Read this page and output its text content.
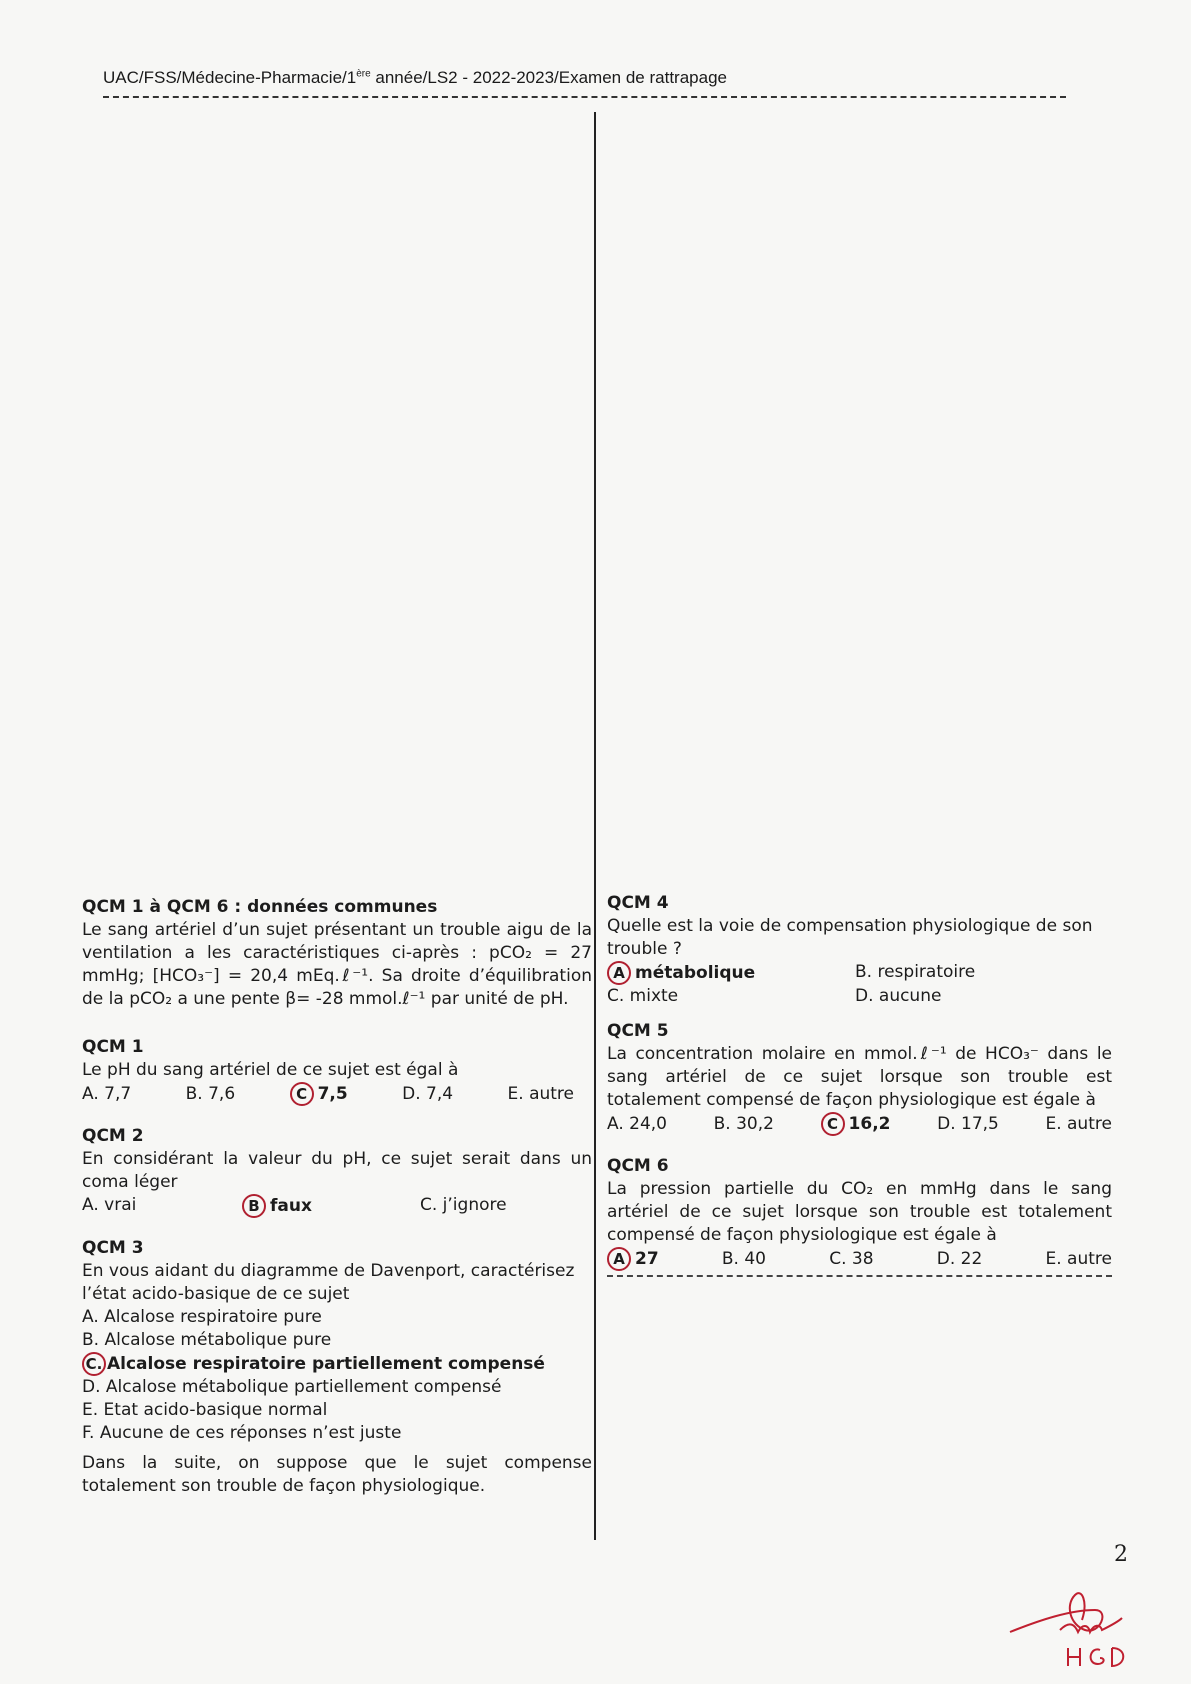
UAC/FSS/Médecine-Pharmacie/1ère année/LS2 - 2022-2023/Examen de rattrapage
QCM 1 à QCM 6 : données communes
Le sang artériel d’un sujet présentant un trouble aigu de la ventilation a les caractéristiques ci-après : pCO₂ = 27 mmHg; [HCO₃⁻] = 20,4 mEq.ℓ⁻¹. Sa droite d’équilibration de la pCO₂ a une pente β= -28 mmol.ℓ⁻¹ par unité de pH.
QCM 1
Le pH du sang artériel de ce sujet est égal à
A. 7,7	B. 7,6	C 7,5	D. 7,4	E. autre
QCM 2
En considérant la valeur du pH, ce sujet serait dans un coma léger
A. vrai	B faux	C. j’ignore
QCM 3
En vous aidant du diagramme de Davenport, caractérisez l’état acido-basique de ce sujet
A. Alcalose respiratoire pure
B. Alcalose métabolique pure
C. Alcalose respiratoire partiellement compensé
D. Alcalose métabolique partiellement compensé
E. Etat acido-basique normal
F. Aucune de ces réponses n’est juste
Dans la suite, on suppose que le sujet compense totalement son trouble de façon physiologique.
QCM 4
Quelle est la voie de compensation physiologique de son trouble ?
A métabolique	B. respiratoire
C. mixte	D. aucune
QCM 5
La concentration molaire en mmol.ℓ⁻¹ de HCO₃⁻ dans le sang artériel de ce sujet lorsque son trouble est totalement compensé de façon physiologique est égale à
A. 24,0	B. 30,2	C 16,2	D. 17,5	E. autre
QCM 6
La pression partielle du CO₂ en mmHg dans le sang artériel de ce sujet lorsque son trouble est totalement compensé de façon physiologique est égale à
A 27	B. 40	C. 38	D. 22	E. autre
2
